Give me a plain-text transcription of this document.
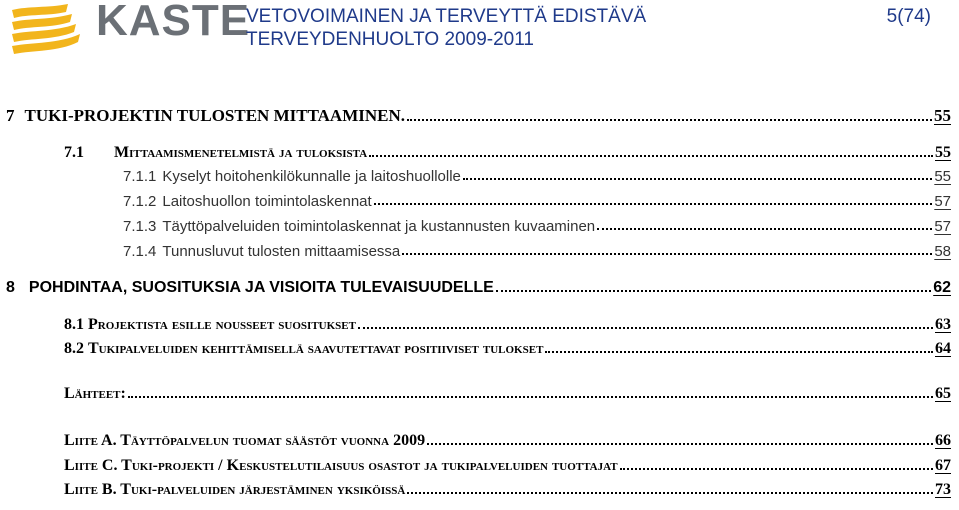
KASTE
VETOVOIMAINEN JA TERVEYTTÄ EDISTÄVÄ
TERVEYDENHUOLTO 2009-2011
5(74)
7 TUKI-PROJEKTIN TULOSTEN MITTAAMINEN.	55
7.1 Mittaamismenetelmistä ja tuloksista	55
7.1.1 Kyselyt hoitohenkilökunnalle ja laitoshuollolle	55
7.1.2 Laitoshuollon toimintolaskennat	57
7.1.3 Täyttöpalveluiden toimintolaskennat ja kustannusten kuvaaminen	57
7.1.4 Tunnusluvut tulosten mittaamisessa	58
8 POHDINTAA, SUOSITUKSIA JA VISIOITA TULEVAISUUDELLE	62
8.1 Projektista esille nousseet suositukset	63
8.2 Tukipalveluiden kehittämisellä saavutettavat positiiviset tulokset	64
Lähteet:	65
Liite A. Täyttöpalvelun tuomat säästöt vuonna 2009	66
Liite C. Tuki-projekti / Keskustelutilaisuus osastot ja tukipalveluiden tuottajat	67
Liite B. Tuki-palveluiden järjestäminen yksiköissä	73
